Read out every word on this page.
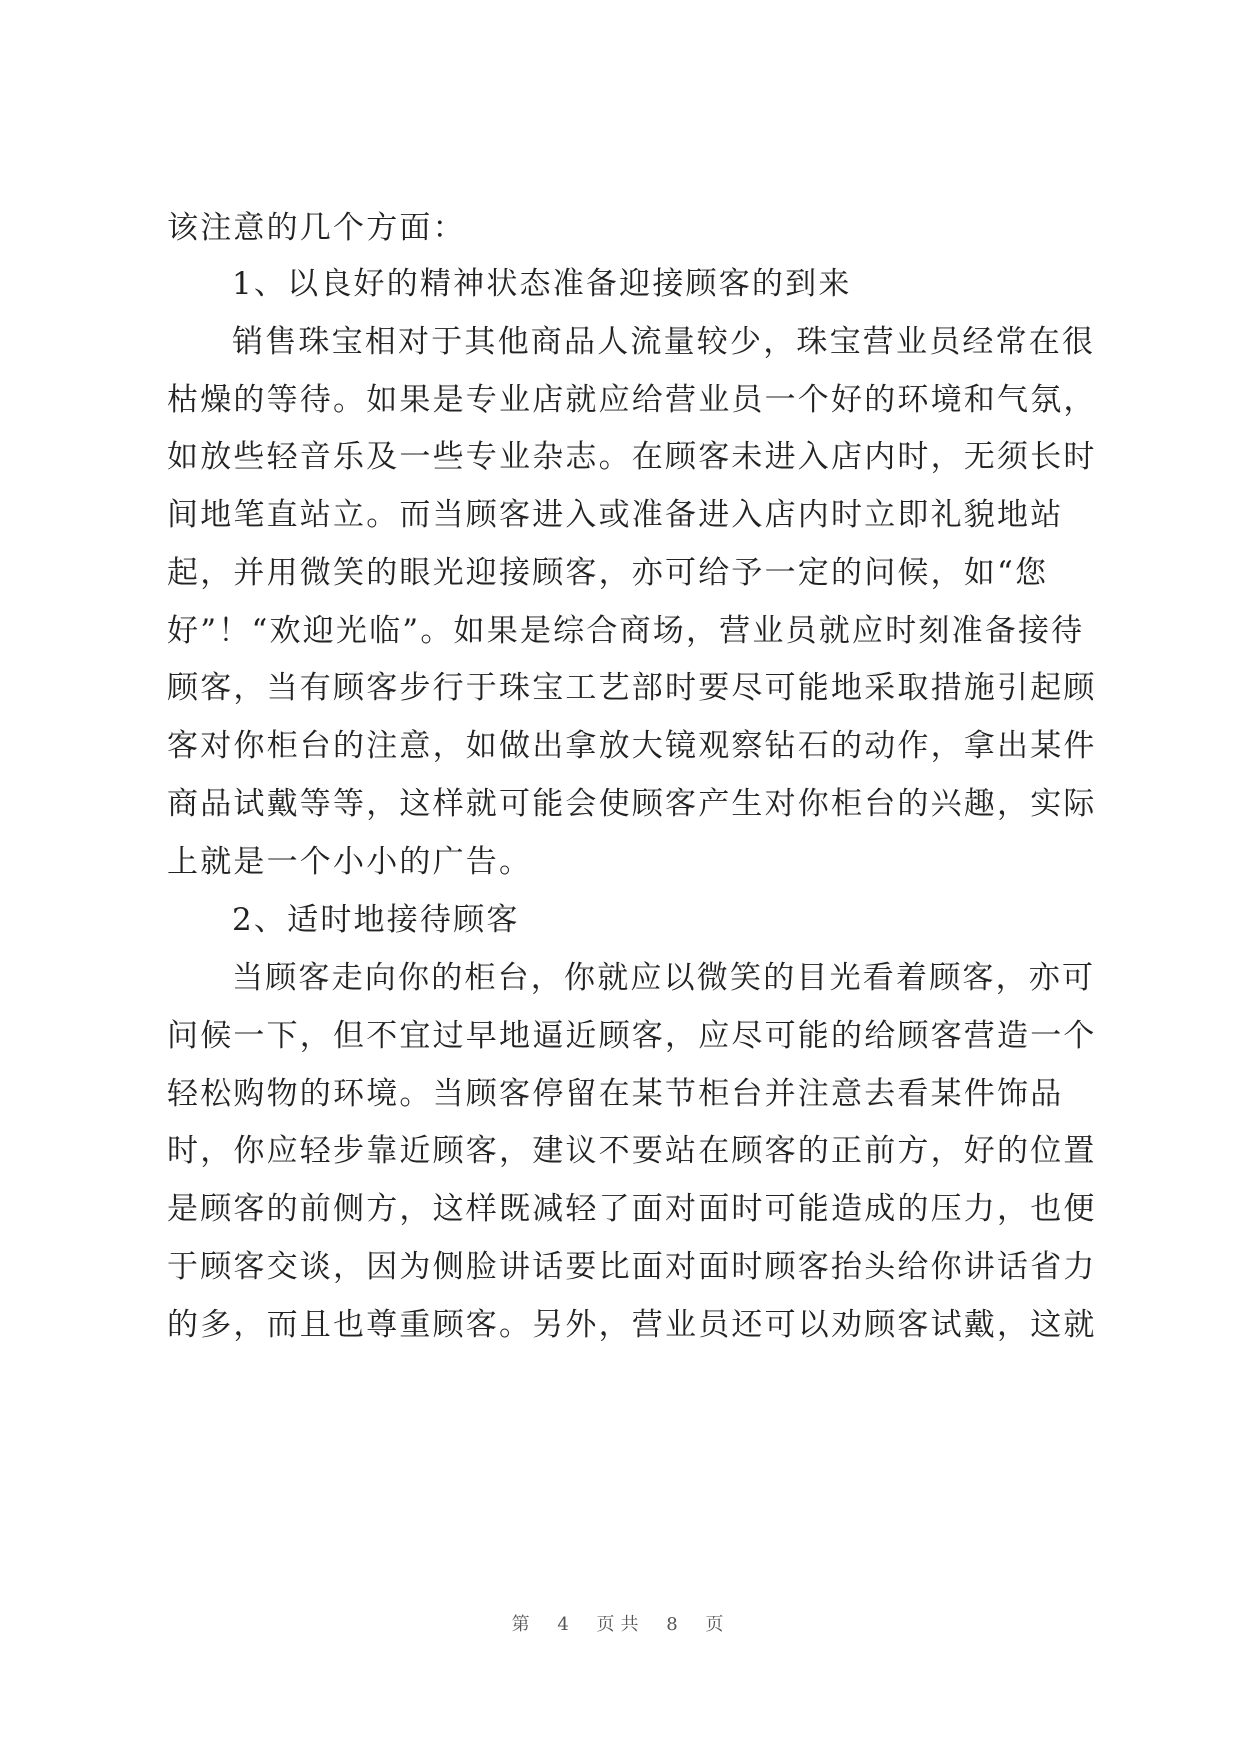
该注意的几个方面：
1、以良好的精神状态准备迎接顾客的到来
销售珠宝相对于其他商品人流量较少，珠宝营业员经常在很
枯燥的等待。如果是专业店就应给营业员一个好的环境和气氛，
如放些轻音乐及一些专业杂志。在顾客未进入店内时，无须长时
间地笔直站立。而当顾客进入或准备进入店内时立即礼貌地站
起，并用微笑的眼光迎接顾客，亦可给予一定的问候，如“您
好”！“欢迎光临”。如果是综合商场，营业员就应时刻准备接待
顾客，当有顾客步行于珠宝工艺部时要尽可能地采取措施引起顾
客对你柜台的注意，如做出拿放大镜观察钻石的动作，拿出某件
商品试戴等等，这样就可能会使顾客产生对你柜台的兴趣，实际
上就是一个小小的广告。
2、适时地接待顾客
当顾客走向你的柜台，你就应以微笑的目光看着顾客，亦可
问候一下，但不宜过早地逼近顾客，应尽可能的给顾客营造一个
轻松购物的环境。当顾客停留在某节柜台并注意去看某件饰品
时，你应轻步靠近顾客，建议不要站在顾客的正前方，好的位置
是顾客的前侧方，这样既减轻了面对面时可能造成的压力，也便
于顾客交谈，因为侧脸讲话要比面对面时顾客抬头给你讲话省力
的多，而且也尊重顾客。另外，营业员还可以劝顾客试戴，这就
第 4 页共 8 页
